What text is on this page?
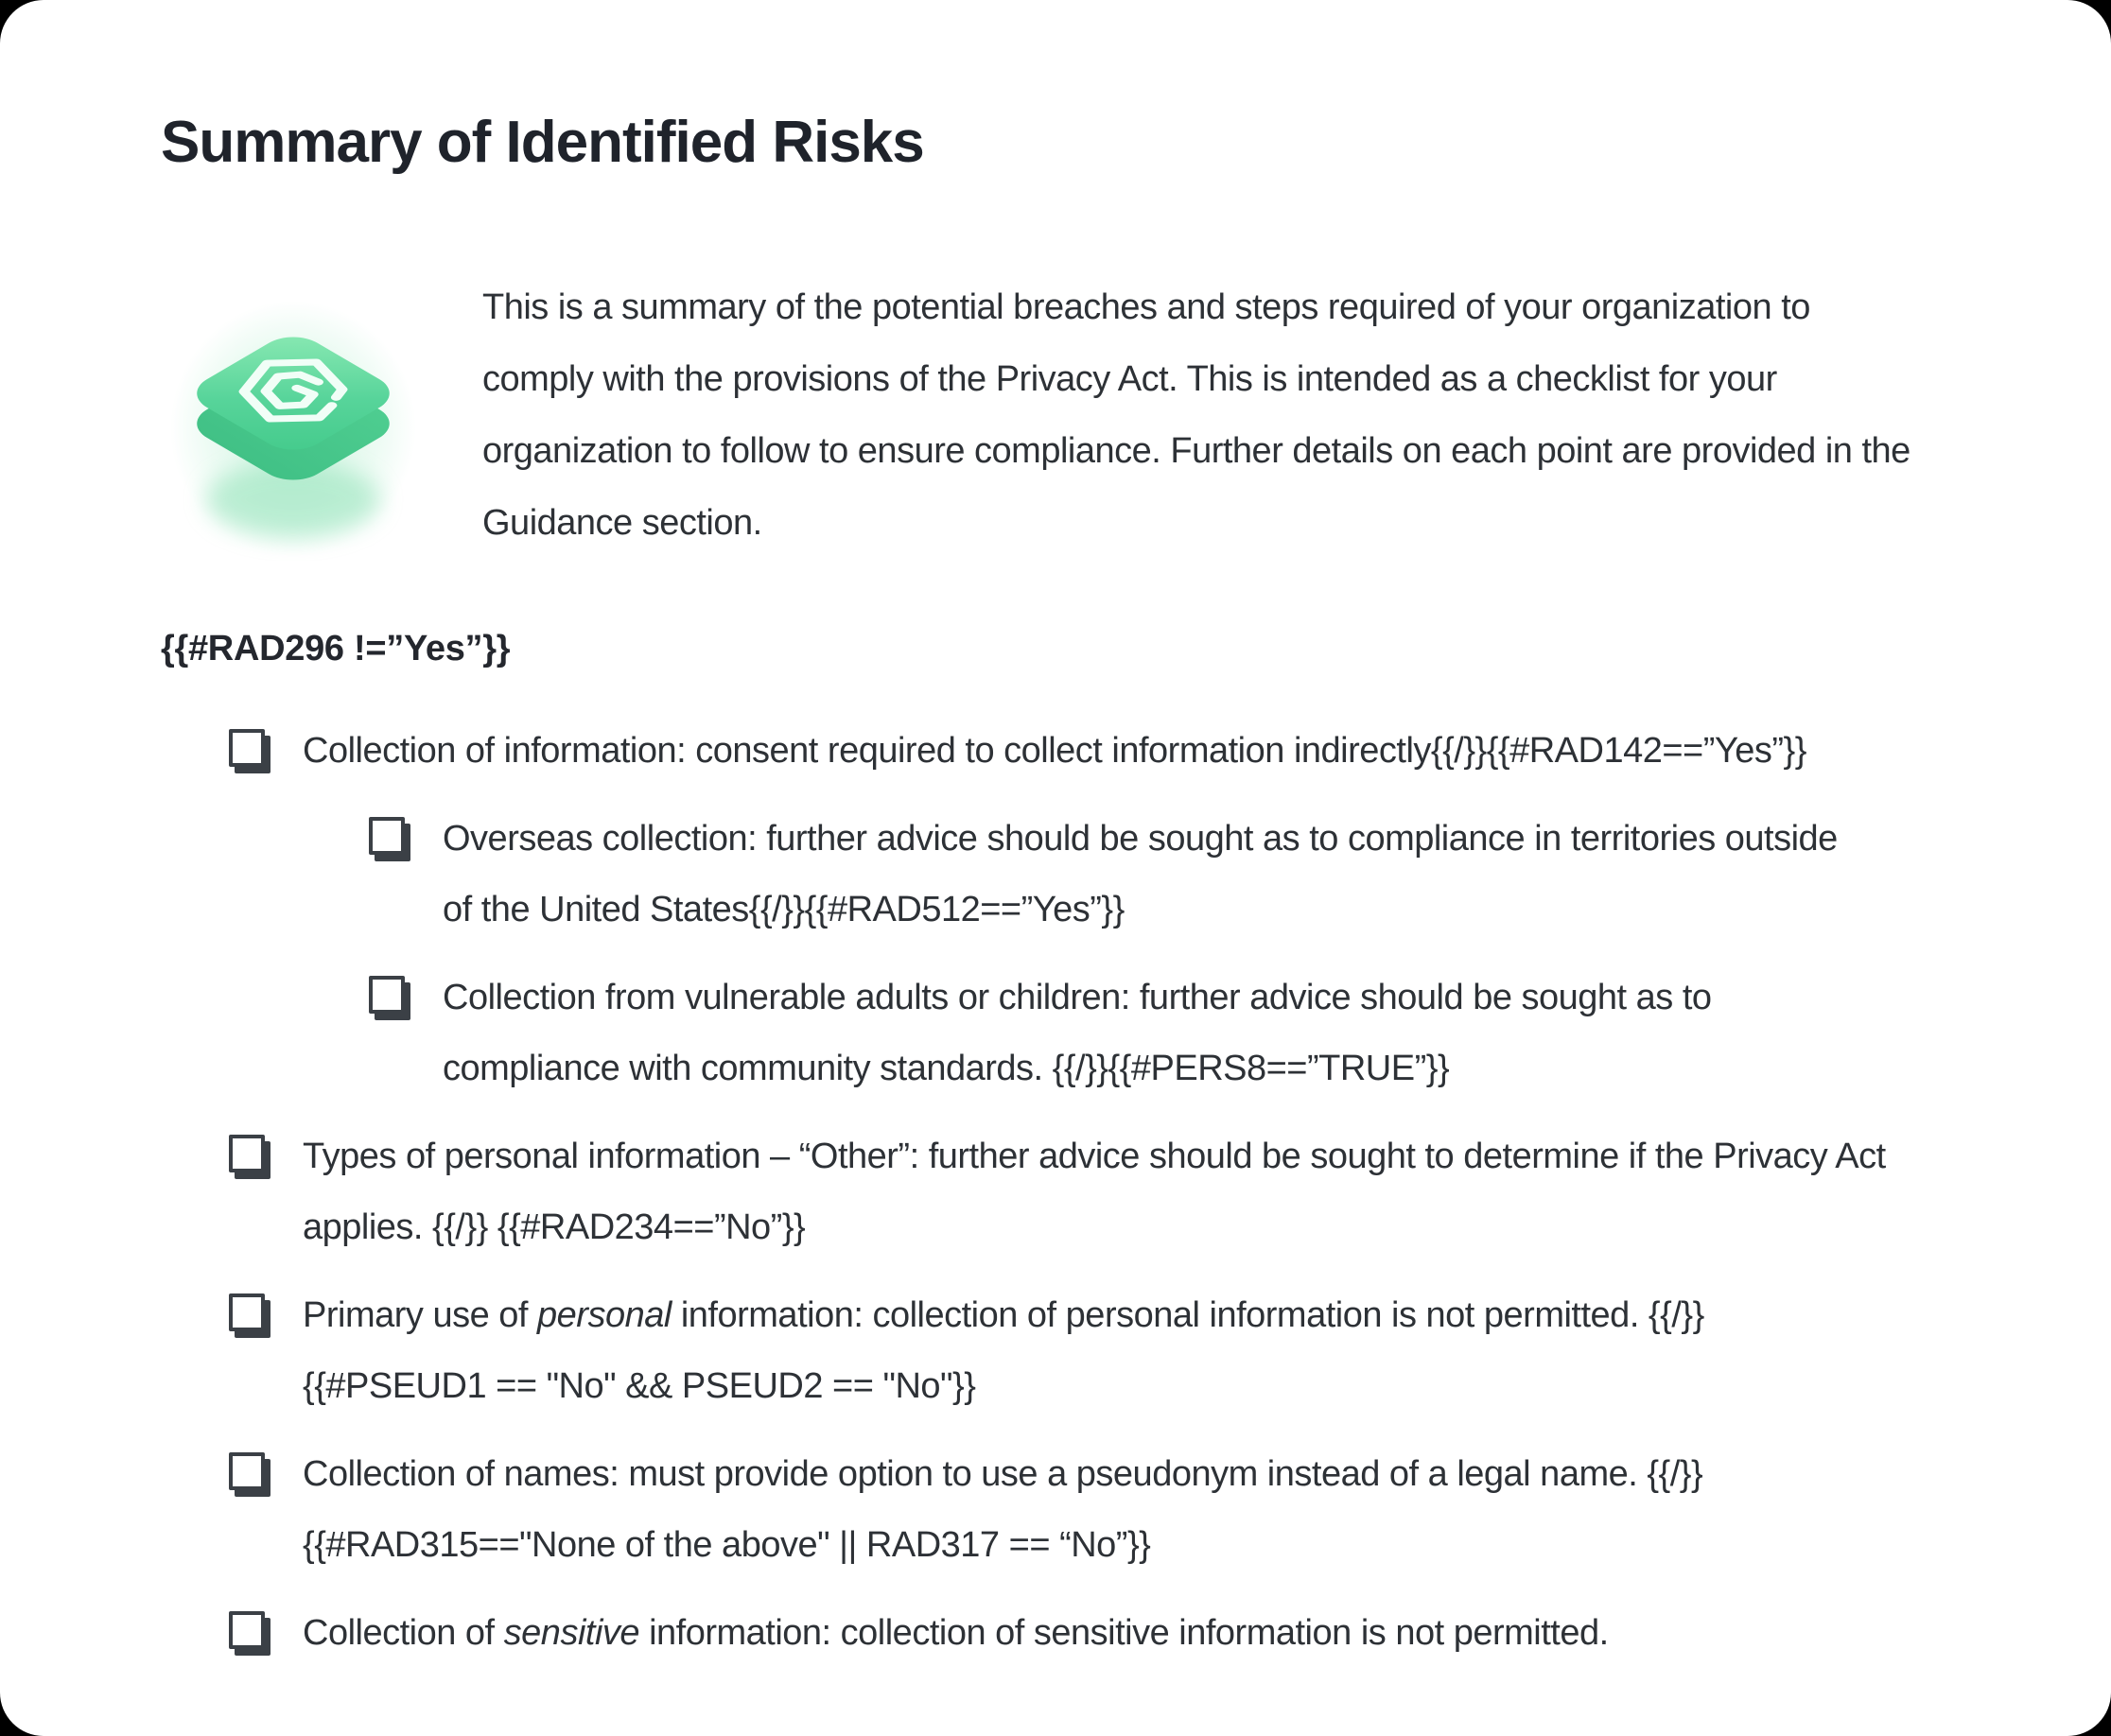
Summary of Identified Risks

This is a summary of the potential breaches and steps required of your organization to comply with the provisions of the Privacy Act. This is intended as a checklist for your organization to follow to ensure compliance. Further details on each point are provided in the Guidance section.

{{#RAD296 !=”Yes”}}
Collection of information: consent required to collect information indirectly{{/}}{{#RAD142==”Yes”}}
Overseas collection: further advice should be sought as to compliance in territories outside of the United States{{/}}{{#RAD512==”Yes”}}
Collection from vulnerable adults or children: further advice should be sought as to compliance with community standards. {{/}}{{#PERS8==”TRUE”}}
Types of personal information – “Other”: further advice should be sought to determine if the Privacy Act applies. {{/}} {{#RAD234==”No”}}
Primary use of personal information: collection of personal information is not permitted. {{/}} {{#PSEUD1 == "No" && PSEUD2 == "No"}}
Collection of names: must provide option to use a pseudonym instead of a legal name. {{/}}{{#RAD315=="None of the above" || RAD317 == “No”}}
Collection of sensitive information: collection of sensitive information is not permitted.
